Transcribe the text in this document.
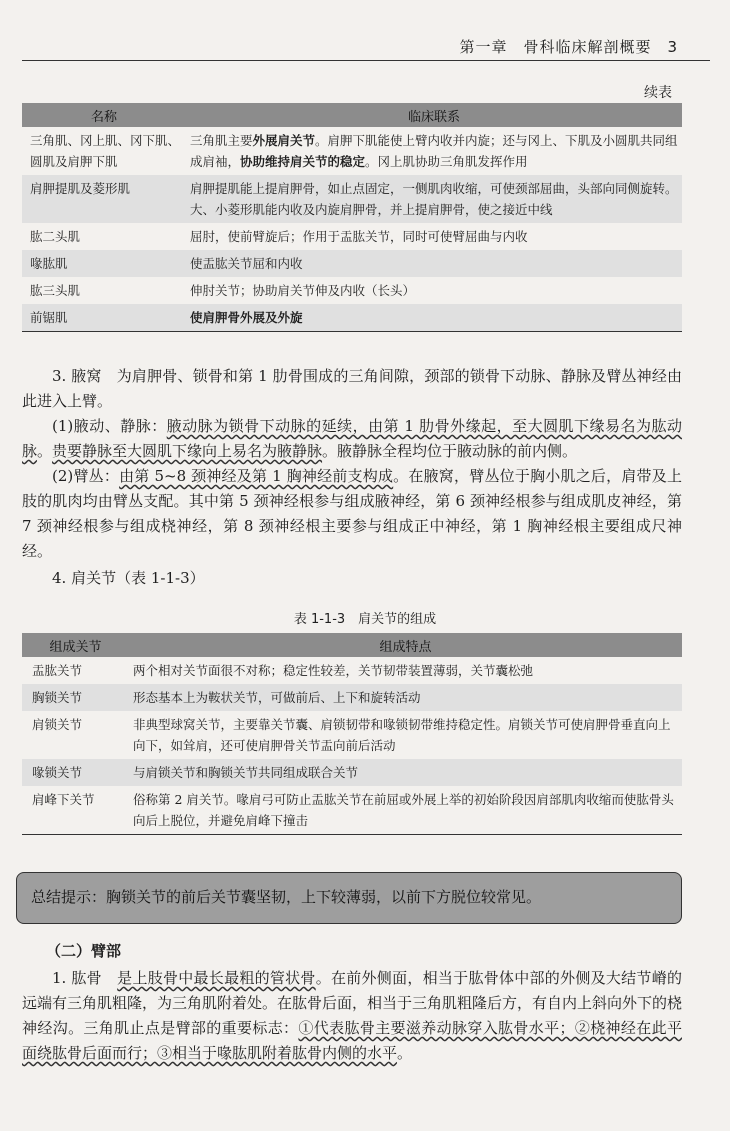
第一章　骨科临床解剖概要　3
续表
名称	临床联系
三角肌、冈上肌、冈下肌、圆肌及肩胛下肌	三角肌主要外展肩关节。肩胛下肌能使上臂内收并内旋；还与冈上、下肌及小圆肌共同组成肩袖，协助维持肩关节的稳定。冈上肌协助三角肌发挥作用
肩胛提肌及菱形肌	肩胛提肌能上提肩胛骨，如止点固定，一侧肌肉收缩，可使颈部屈曲，头部向同侧旋转。大、小菱形肌能内收及内旋肩胛骨，并上提肩胛骨，使之接近中线
肱二头肌	屈肘，使前臂旋后；作用于盂肱关节，同时可使臂屈曲与内收
喙肱肌	使盂肱关节屈和内收
肱三头肌	伸肘关节；协助肩关节伸及内收（长头）
前锯肌	使肩胛骨外展及外旋
3. 腋窝　为肩胛骨、锁骨和第 1 肋骨围成的三角间隙，颈部的锁骨下动脉、静脉及臂丛神经由此进入上臂。
(1)腋动、静脉：腋动脉为锁骨下动脉的延续，由第 1 肋骨外缘起，至大圆肌下缘易名为肱动脉。贵要静脉至大圆肌下缘向上易名为腋静脉。腋静脉全程均位于腋动脉的前内侧。
(2)臂丛：由第 5~8 颈神经及第 1 胸神经前支构成。在腋窝，臂丛位于胸小肌之后，肩带及上肢的肌肉均由臂丛支配。其中第 5 颈神经根参与组成腋神经，第 6 颈神经根参与组成肌皮神经，第 7 颈神经根参与组成桡神经，第 8 颈神经根主要参与组成正中神经，第 1 胸神经根主要组成尺神经。
4. 肩关节（表 1-1-3）
表 1-1-3　肩关节的组成
组成关节	组成特点
盂肱关节	两个相对关节面很不对称；稳定性较差，关节韧带装置薄弱，关节囊松弛
胸锁关节	形态基本上为鞍状关节，可做前后、上下和旋转活动
肩锁关节	非典型球窝关节，主要靠关节囊、肩锁韧带和喙锁韧带维持稳定性。肩锁关节可使肩胛骨垂直向上向下，如耸肩，还可使肩胛骨关节盂向前后活动
喙锁关节	与肩锁关节和胸锁关节共同组成联合关节
肩峰下关节	俗称第 2 肩关节。喙肩弓可防止盂肱关节在前屈或外展上举的初始阶段因肩部肌肉收缩而使肱骨头向后上脱位，并避免肩峰下撞击
总结提示：胸锁关节的前后关节囊坚韧，上下较薄弱，以前下方脱位较常见。
（二）臂部
1. 肱骨　是上肢骨中最长最粗的管状骨。在前外侧面，相当于肱骨体中部的外侧及大结节嵴的远端有三角肌粗隆，为三角肌附着处。在肱骨后面，相当于三角肌粗隆后方，有自内上斜向外下的桡神经沟。三角肌止点是臂部的重要标志：①代表肱骨主要滋养动脉穿入肱骨水平；②桡神经在此平面绕肱骨后面而行；③相当于喙肱肌附着肱骨内侧的水平。
